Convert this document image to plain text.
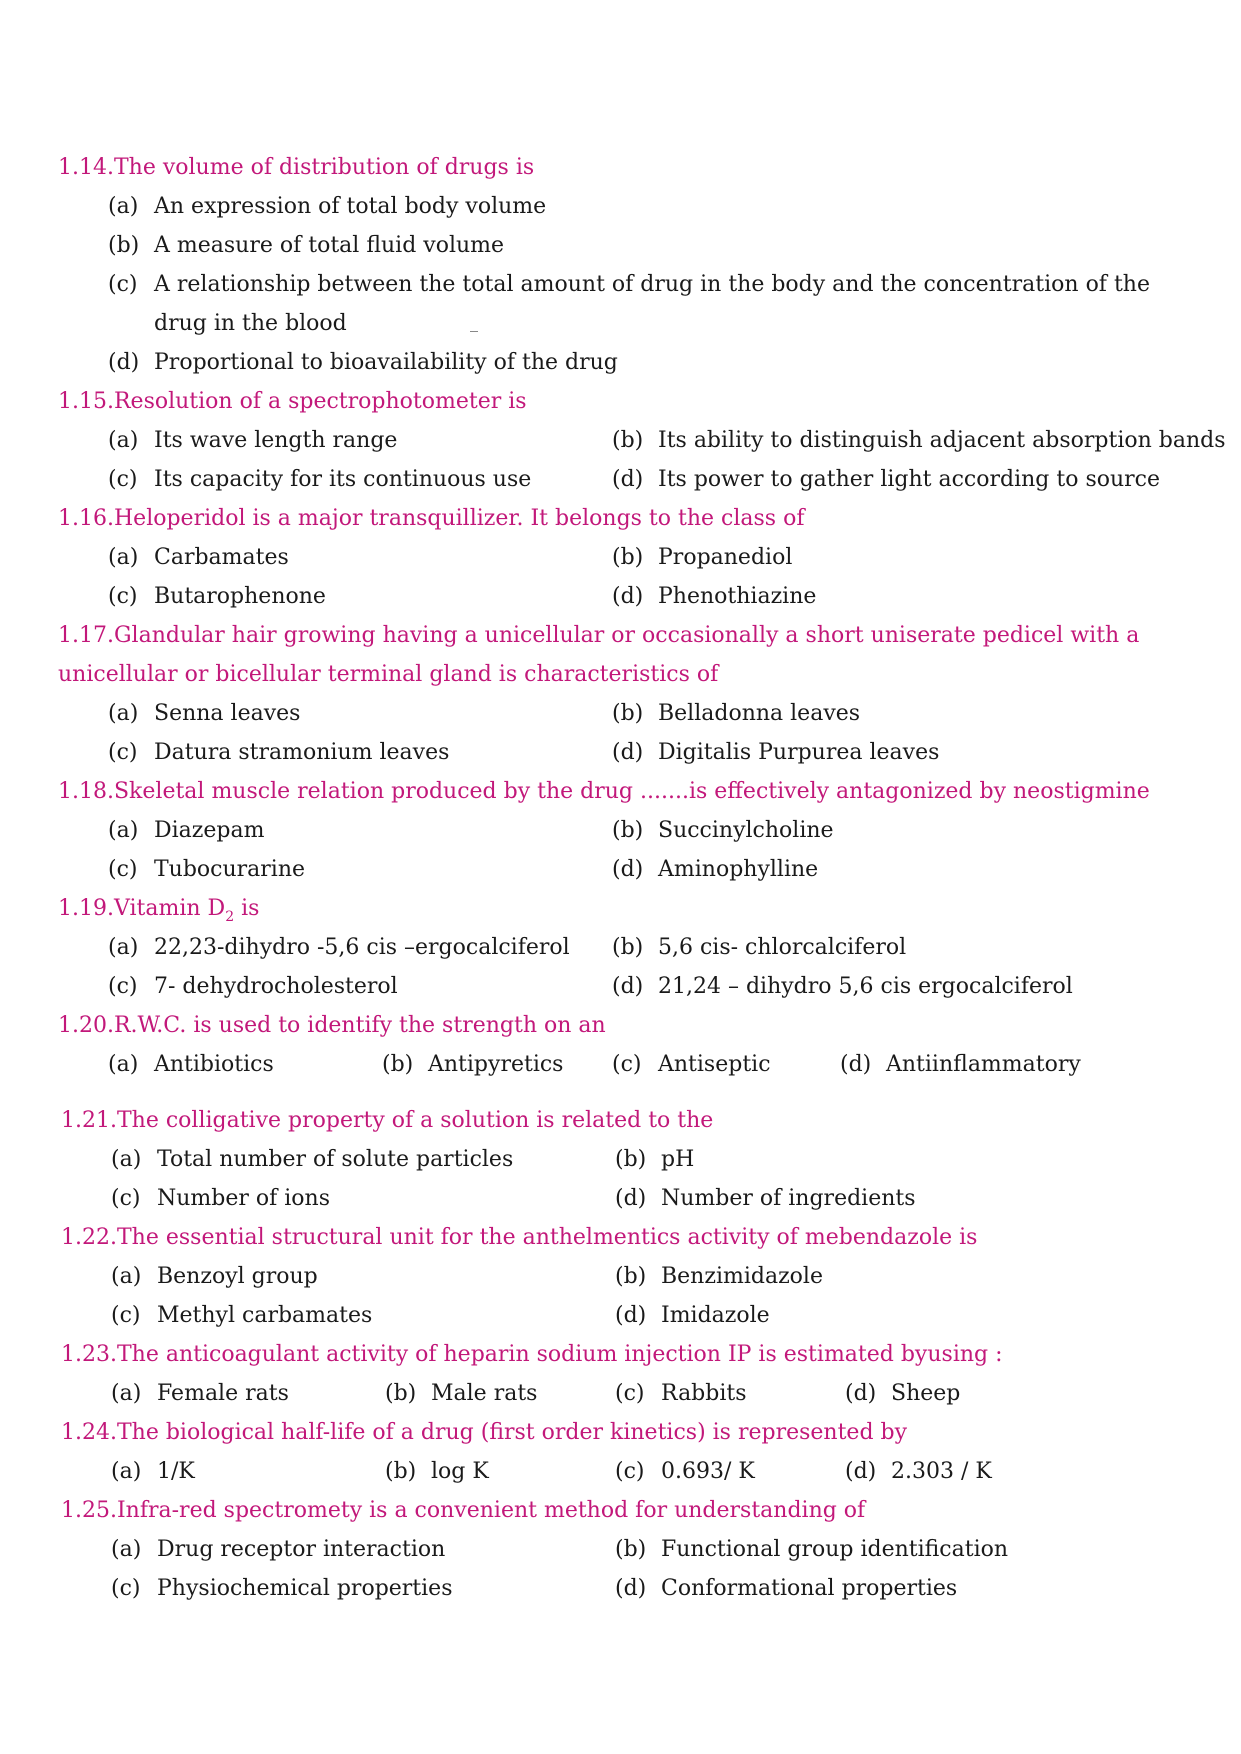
1.14.The volume of distribution of drugs is
(a) An expression of total body volume
(b) A measure of total fluid volume
(c) A relationship between the total amount of drug in the body and the concentration of the drug in the blood
(d) Proportional to bioavailability of the drug
1.15.Resolution of a spectrophotometer is
(a) Its wave length range	(b) Its ability to distinguish adjacent absorption bands
(c) Its capacity for its continuous use	(d) Its power to gather light according to source
1.16.Heloperidol is a major transquillizer. It belongs to the class of
(a) Carbamates	(b) Propanediol
(c) Butarophenone	(d) Phenothiazine
1.17.Glandular hair growing having a unicellular or occasionally a short uniserate pedicel with a unicellular or bicellular terminal gland is characteristics of
(a) Senna leaves	(b) Belladonna leaves
(c) Datura stramonium leaves	(d) Digitalis Purpurea leaves
1.18.Skeletal muscle relation produced by the drug .......is effectively antagonized by neostigmine
(a) Diazepam	(b) Succinylcholine
(c) Tubocurarine	(d) Aminophylline
1.19.Vitamin $D_2$ is
(a) 22,23-dihydro -5,6 cis –ergocalciferol (b) 5,6 cis- chlorcalciferol
(c) 7- dehydrocholesterol	(d) 21,24 – dihydro 5,6 cis ergocalciferol
1.20.R.W.C. is used to identify the strength on an
(a) Antibiotics	(b) Antipyretics (c) Antiseptic	(d) Antiinflammatory
1.21.The colligative property of a solution is related to the
(a) Total number of solute particles	(b) pH
(c) Number of ions	(d) Number of ingredients
1.22.The essential structural unit for the anthelmentics activity of mebendazole is
(a) Benzoyl group	(b) Benzimidazole
(c) Methyl carbamates	(d) Imidazole
1.23.The anticoagulant activity of heparin sodium injection IP is estimated byusing :
(a) Female rats	(b) Male rats	(c) Rabbits	(d) Sheep
1.24.The biological half-life of a drug (first order kinetics) is represented by
(a) 1/K	(b) log K	(c) 0.693/ K	(d) 2.303 / K
1.25.Infra-red spectromety is a convenient method for understanding of
(a) Drug receptor interaction	(b) Functional group identification
(c) Physiochemical properties	(d) Conformational properties
